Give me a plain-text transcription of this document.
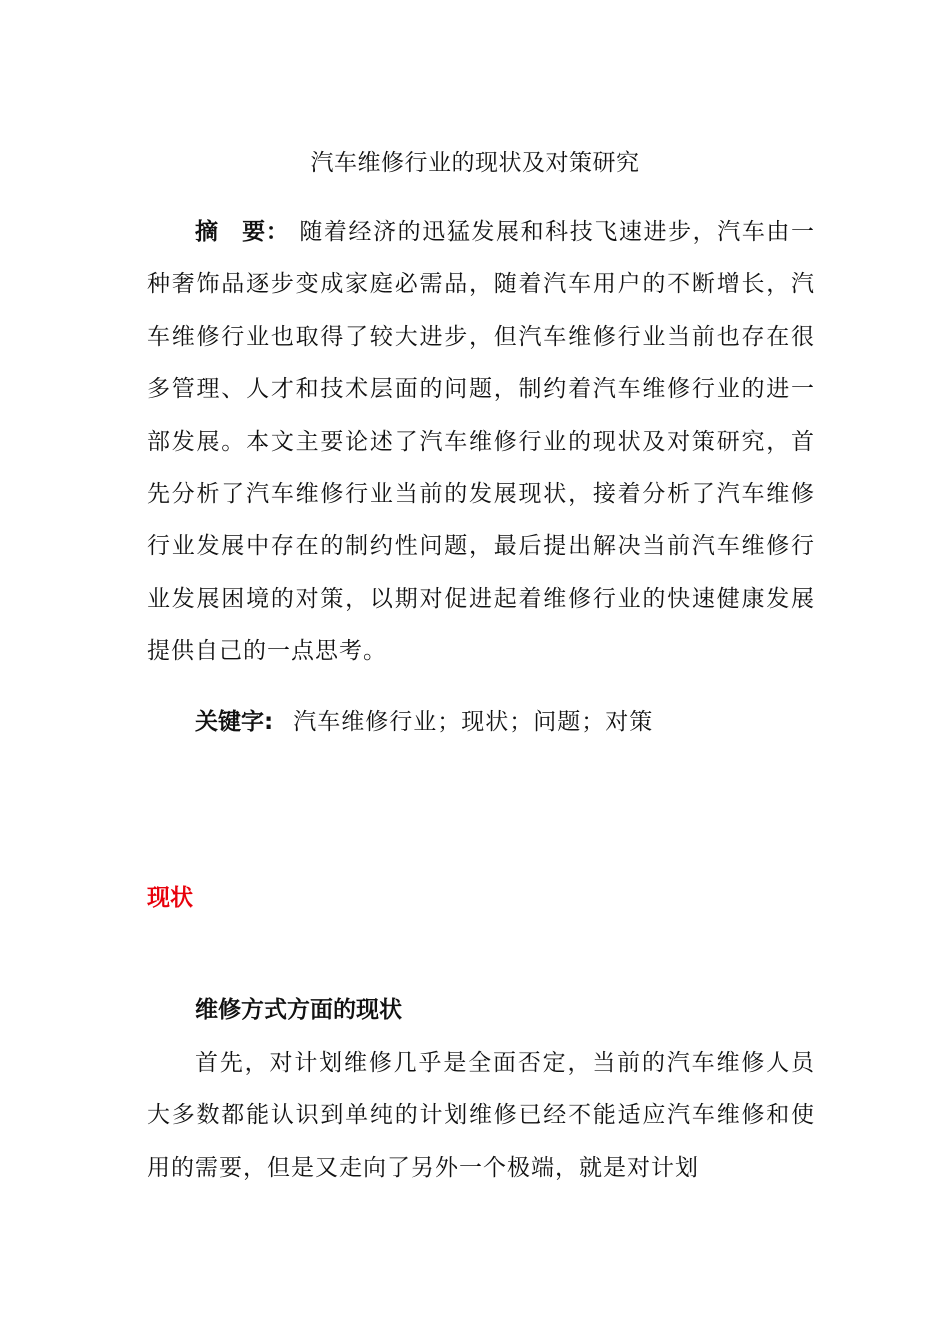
汽车维修行业的现状及对策研究
摘　要： 随着经济的迅猛发展和科技飞速进步，汽车由一种奢饰品逐步变成家庭必需品，随着汽车用户的不断增长，汽车维修行业也取得了较大进步，但汽车维修行业当前也存在很多管理、人才和技术层面的问题，制约着汽车维修行业的进一部发展。本文主要论述了汽车维修行业的现状及对策研究，首先分析了汽车维修行业当前的发展现状，接着分析了汽车维修行业发展中存在的制约性问题，最后提出解决当前汽车维修行业发展困境的对策，以期对促进起着维修行业的快速健康发展提供自己的一点思考。
关键字: 汽车维修行业；现状；问题；对策
现状
维修方式方面的现状
首先，对计划维修几乎是全面否定，当前的汽车维修人员大多数都能认识到单纯的计划维修已经不能适应汽车维修和使用的需要，但是又走向了另外一个极端，就是对计划
